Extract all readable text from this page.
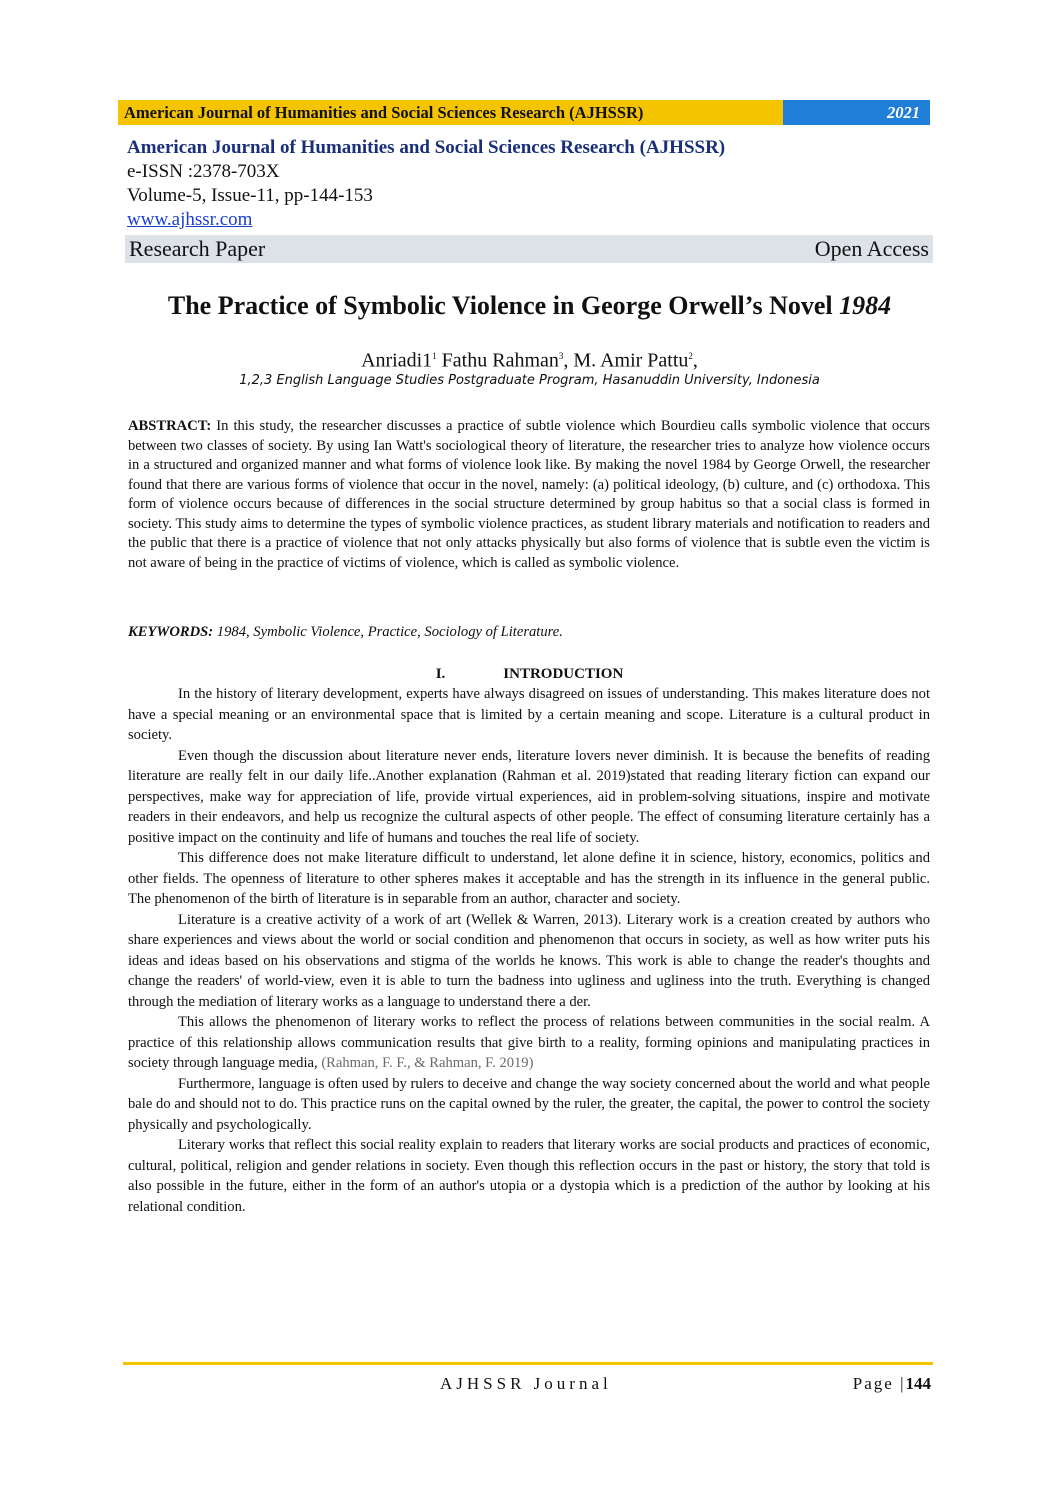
American Journal of Humanities and Social Sciences Research (AJHSSR)	2021
American Journal of Humanities and Social Sciences Research (AJHSSR)
e-ISSN :2378-703X
Volume-5, Issue-11, pp-144-153
www.ajhssr.com
Research Paper	Open Access
The Practice of Symbolic Violence in George Orwell’s Novel 1984
$Anriadi1^1$ Fathu Rahman$^3$, M. Amir Pattu$^2$,
1,2,3 English Language Studies Postgraduate Program, Hasanuddin University, Indonesia
ABSTRACT: In this study, the researcher discusses a practice of subtle violence which Bourdieu calls symbolic violence that occurs between two classes of society. By using Ian Watt's sociological theory of literature, the researcher tries to analyze how violence occurs in a structured and organized manner and what forms of violence look like. By making the novel 1984 by George Orwell, the researcher found that there are various forms of violence that occur in the novel, namely: (a) political ideology, (b) culture, and (c) orthodoxa. This form of violence occurs because of differences in the social structure determined by group habitus so that a social class is formed in society. This study aims to determine the types of symbolic violence practices, as student library materials and notification to readers and the public that there is a practice of violence that not only attacks physically but also forms of violence that is subtle even the victim is not aware of being in the practice of victims of violence, which is called as symbolic violence.
KEYWORDS: 1984, Symbolic Violence, Practice, Sociology of Literature.
I.	INTRODUCTION

In the history of literary development, experts have always disagreed on issues of understanding. This makes literature does not have a special meaning or an environmental space that is limited by a certain meaning and scope. Literature is a cultural product in society.

Even though the discussion about literature never ends, literature lovers never diminish. It is because the benefits of reading literature are really felt in our daily life..Another explanation (Rahman et al. 2019)stated that reading literary fiction can expand our perspectives, make way for appreciation of life, provide virtual experiences, aid in problem-solving situations, inspire and motivate readers in their endeavors, and help us recognize the cultural aspects of other people. The effect of consuming literature certainly has a positive impact on the continuity and life of humans and touches the real life of society.

This difference does not make literature difficult to understand, let alone define it in science, history, economics, politics and other fields. The openness of literature to other spheres makes it acceptable and has the strength in its influence in the general public. The phenomenon of the birth of literature is in separable from an author, character and society.

Literature is a creative activity of a work of art (Wellek & Warren, 2013). Literary work is a creation created by authors who share experiences and views about the world or social condition and phenomenon that occurs in society, as well as how writer puts his ideas and ideas based on his observations and stigma of the worlds he knows. This work is able to change the reader's thoughts and change the readers' of world-view, even it is able to turn the badness into ugliness and ugliness into the truth. Everything is changed through the mediation of literary works as a language to understand there a der.

This allows the phenomenon of literary works to reflect the process of relations between communities in the social realm. A practice of this relationship allows communication results that give birth to a reality, forming opinions and manipulating practices in society through language media, (Rahman, F. F., & Rahman, F. 2019)

Furthermore, language is often used by rulers to deceive and change the way society concerned about the world and what people bale do and should not to do. This practice runs on the capital owned by the ruler, the greater, the capital, the power to control the society physically and psychologically.

Literary works that reflect this social reality explain to readers that literary works are social products and practices of economic, cultural, political, religion and gender relations in society. Even though this reflection occurs in the past or history, the story that told is also possible in the future, either in the form of an author's utopia or a dystopia which is a prediction of the author by looking at his relational condition.

AJHSSR Journal	Page |144
